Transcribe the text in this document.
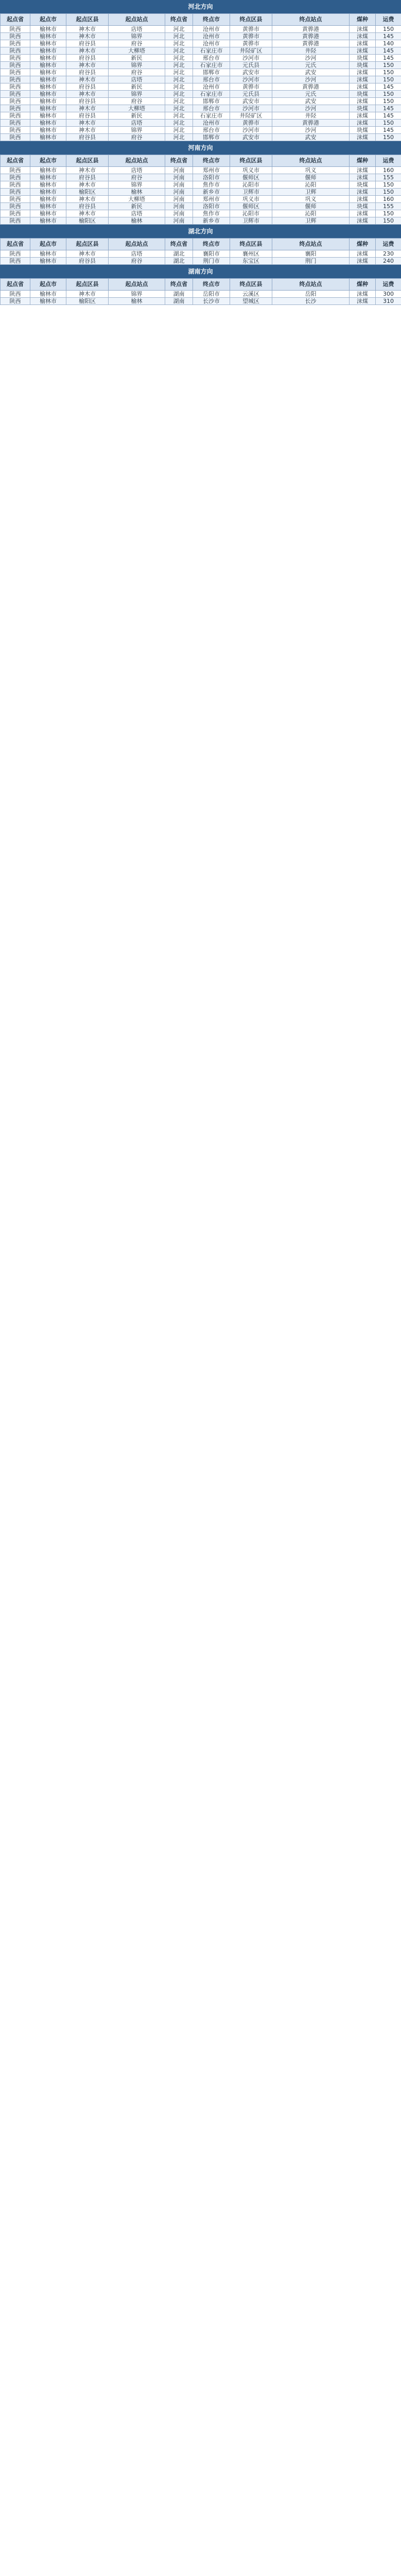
河北方向
起点省	起点市	起点区县	起点站点	终点省	终点市	终点区县	终点站点	煤种	运费
陕西	榆林市	神木市	店塔	河北	沧州市	黄骅市	黄骅港	沫煤	150
陕西	榆林市	神木市	锦界	河北	沧州市	黄骅市	黄骅港	沫煤	145
陕西	榆林市	府谷县	府谷	河北	沧州市	黄骅市	黄骅港	沫煤	140
陕西	榆林市	神木市	大柳塔	河北	石家庄市	井陉矿区	井陉	沫煤	145
陕西	榆林市	府谷县	新民	河北	邢台市	沙河市	沙河	块煤	145
陕西	榆林市	神木市	锦界	河北	石家庄市	元氏县	元氏	块煤	150
陕西	榆林市	府谷县	府谷	河北	邯郸市	武安市	武安	沫煤	150
陕西	榆林市	神木市	店塔	河北	邢台市	沙河市	沙河	沫煤	150
陕西	榆林市	府谷县	新民	河北	沧州市	黄骅市	黄骅港	沫煤	145
陕西	榆林市	神木市	锦界	河北	石家庄市	元氏县	元氏	块煤	150
陕西	榆林市	府谷县	府谷	河北	邯郸市	武安市	武安	沫煤	150
陕西	榆林市	神木市	大柳塔	河北	邢台市	沙河市	沙河	块煤	145
陕西	榆林市	府谷县	新民	河北	石家庄市	井陉矿区	井陉	沫煤	145
陕西	榆林市	神木市	店塔	河北	沧州市	黄骅市	黄骅港	沫煤	150
陕西	榆林市	神木市	锦界	河北	邢台市	沙河市	沙河	块煤	145
陕西	榆林市	府谷县	府谷	河北	邯郸市	武安市	武安	沫煤	150
河南方向
起点省	起点市	起点区县	起点站点	终点省	终点市	终点区县	终点站点	煤种	运费
陕西	榆林市	神木市	店塔	河南	郑州市	巩义市	巩义	沫煤	160
陕西	榆林市	府谷县	府谷	河南	洛阳市	偃师区	偃师	沫煤	155
陕西	榆林市	神木市	锦界	河南	焦作市	沁阳市	沁阳	块煤	150
陕西	榆林市	榆阳区	榆林	河南	新乡市	卫辉市	卫辉	沫煤	150
陕西	榆林市	神木市	大柳塔	河南	郑州市	巩义市	巩义	沫煤	160
陕西	榆林市	府谷县	新民	河南	洛阳市	偃师区	偃师	块煤	155
陕西	榆林市	神木市	店塔	河南	焦作市	沁阳市	沁阳	沫煤	150
陕西	榆林市	榆阳区	榆林	河南	新乡市	卫辉市	卫辉	沫煤	150
湖北方向
起点省	起点市	起点区县	起点站点	终点省	终点市	终点区县	终点站点	煤种	运费
陕西	榆林市	神木市	店塔	湖北	襄阳市	襄州区	襄阳	沫煤	230
陕西	榆林市	府谷县	府谷	湖北	荆门市	东宝区	荆门	沫煤	240
湖南方向
起点省	起点市	起点区县	起点站点	终点省	终点市	终点区县	终点站点	煤种	运费
陕西	榆林市	神木市	锦界	湖南	岳阳市	云溪区	岳阳	沫煤	300
陕西	榆林市	榆阳区	榆林	湖南	长沙市	望城区	长沙	沫煤	310
